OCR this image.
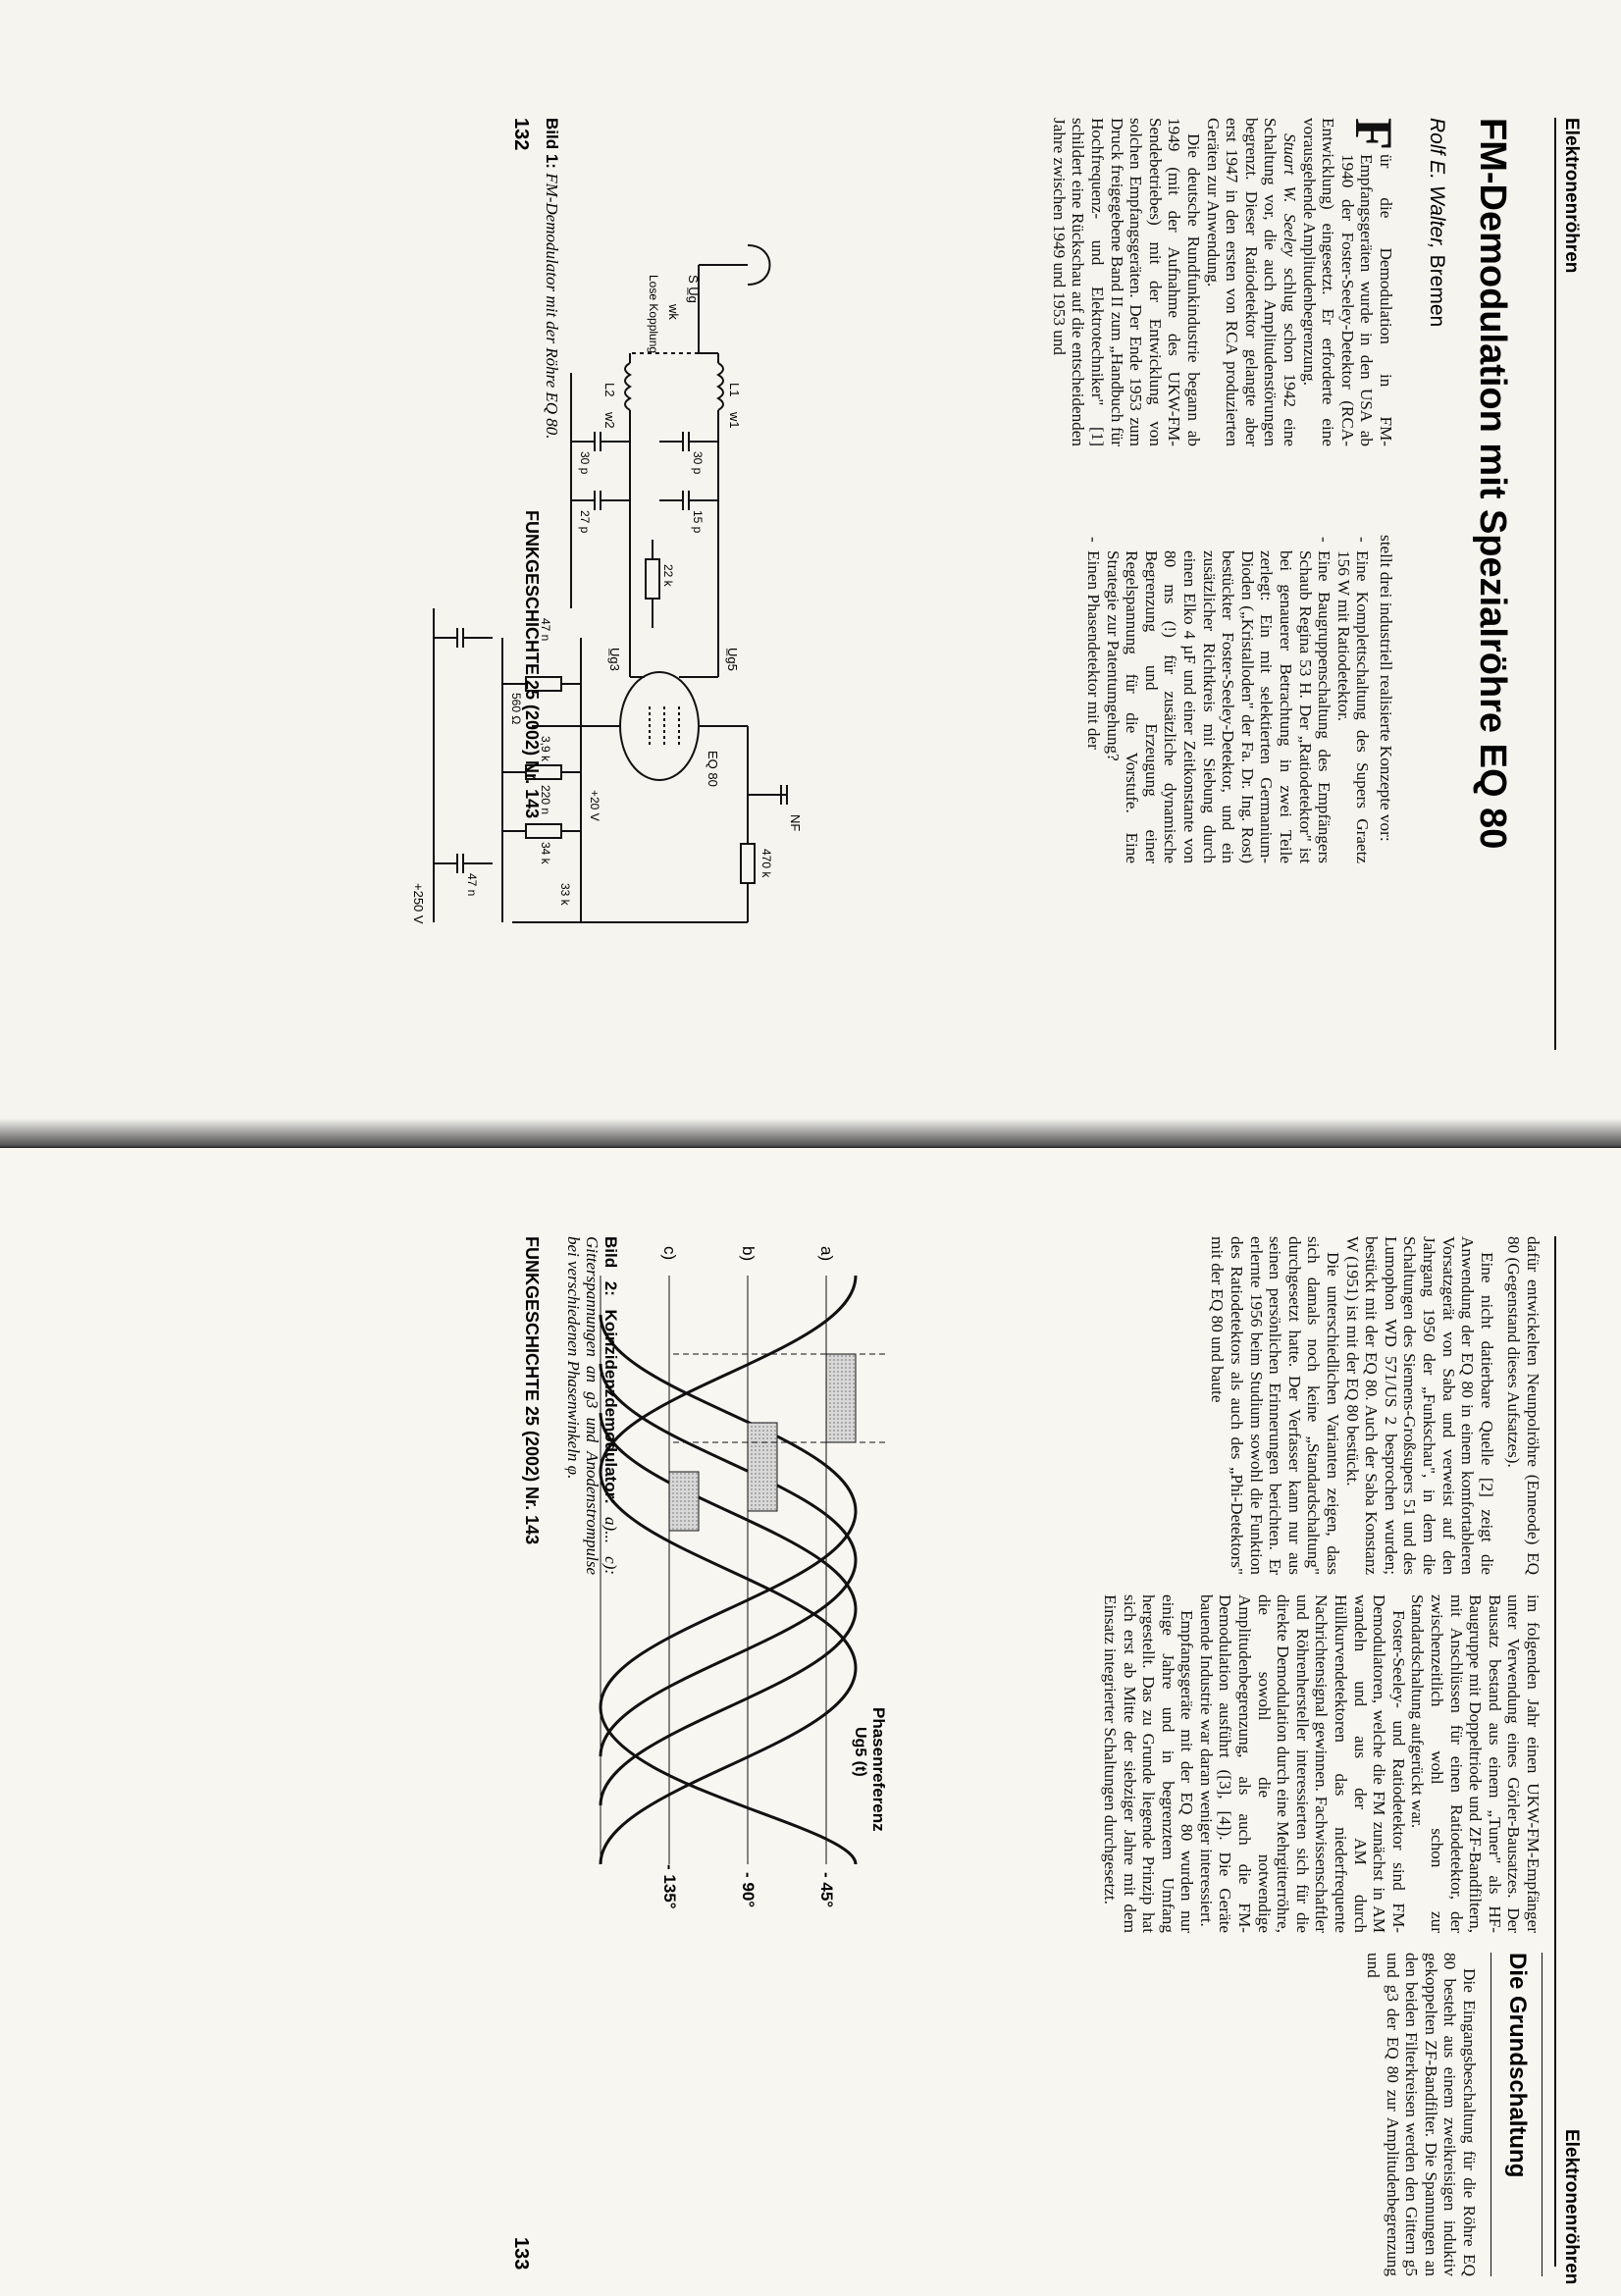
Elektronenröhren
FM-Demodulation mit Spezialröhre EQ 80
Rolf E. Walter, Bremen

F
ür die Demodulation in FM-Empfangsgeräten wurde in den USA ab 1940 der Foster-Seeley-Detektor (RCA-Entwicklung) eingesetzt. Er erforderte eine vorausgehende Amplitudenbegrenzung.

Stuart W. Seeley schlug schon 1942 eine Schaltung vor, die auch Amplitudenstörungen begrenzt. Dieser Ratiodetektor gelangte aber erst 1947 in den ersten von RCA produzierten Geräten zur Anwendung.

Die deutsche Rundfunkindustrie begann ab 1949 (mit der Aufnahme des UKW-FM-Sendebetriebes) mit der Entwicklung von solchen Empfangsgeräten. Der Ende 1953 zum Druck freigegebene Band II zum „Handbuch für Hochfrequenz- und Elektrotechniker" [1] schildert eine Rückschau auf die entscheidenden Jahre zwischen 1949 und 1953 und

stellt drei industriell realisierte Konzepte vor:

- Eine Komplettschaltung des Supers Graetz 156 W mit Ratiodetektor.
- Eine Baugruppenschaltung des Empfängers Schaub Regina 53 H. Der „Ratiodetektor" ist bei genauerer Betrachtung in zwei Teile zerlegt: Ein mit selektierten Germanium-Dioden („Kristalloden" der Fa. Dr. Ing. Rost) bestückter Foster-Seeley-Detektor, und ein zusätzlicher Richtkreis mit Siebung durch einen Elko 4 µF und einer Zeitkonstante von 80 ms (!) für zusätzliche dynamische Begrenzung und Erzeugung einer Regelspannung für die Vorstufe. Eine Strategie zur Patentumgehung?
- Einen Phasendetektor mit der
S U̲g
wk
L1
w1
L2
w2
Lose Kopplung
30 p
15 p
30 p
27 p
22 k
U̲g5
U̲g3
EQ 80
47 n
560 Ω
3,9 k
+20 V
220 n
470 k
34 k
33 k
47 n
+250 V
NF
Bild 1: FM-Demodulator mit der Röhre EQ 80.
FUNKGESCHICHTE 25 (2002) Nr. 143
132
Elektronenröhren

dafür entwickelten Neunpolröhre (Enneode) EQ 80 (Gegenstand dieses Aufsatzes).

Eine nicht datierbare Quelle [2] zeigt die Anwendung der EQ 80 in einem komfortableren Vorsatzgerät von Saba und verweist auf den Jahrgang 1950 der „Funkschau", in dem die Schaltungen des Siemens-Großsupers 51 und des Lumophon WD 571/US 2 besprochen wurden; bestückt mit der EQ 80. Auch der Saba Konstanz W (1951) ist mit der EQ 80 bestückt.

Die unterschiedlichen Varianten zeigen, dass sich damals noch keine „Standardschaltung" durchgesetzt hatte. Der Verfasser kann nur aus seinen persönlichen Erinnerungen berichten. Er erlernte 1956 beim Studium sowohl die Funktion des Ratiodetektors als auch des „Phi-Detektors" mit der EQ 80 und baute

im folgenden Jahr einen UKW-FM-Empfänger unter Verwendung eines Görler-Bausatzes. Der Bausatz bestand aus einem „Tuner" als HF-Baugruppe mit Doppeltriode und ZF-Bandfiltern, mit Anschlüssen für einen Ratiodetektor, der zwischenzeitlich wohl schon zur Standardschaltung aufgerückt war.

Foster-Seeley- und Ratiodetektor sind FM-Demodulatoren, welche die FM zunächst in AM wandeln und aus der AM durch Hüllkurvendetektoren das niederfrequente Nachrichtensignal gewinnen. Fachwissenschaftler und Röhrenhersteller interessierten sich für die direkte Demodulation durch eine Mehrgitterröhre, die sowohl die notwendige Amplitudenbegrenzung, als auch die FM-Demodulation ausführt ([3], [4]). Die Geräte bauende Industrie war daran weniger interessiert.

Empfangsgeräte mit der EQ 80 wurden nur einige Jahre und in begrenztem Umfang hergestellt. Das zu Grunde liegende Prinzip hat sich erst ab Mitte der siebziger Jahre mit dem Einsatz integrierter Schaltungen durchgesetzt.

Die Grundschaltung

Die Eingangsbeschaltung für die Röhre EQ 80 besteht aus einem zweikreisigen induktiv gekoppelten ZF-Bandfilter. Die Spannungen an den beiden Filterkreisen werden den Gittern g5 und g3 der EQ 80 zur Amplitudenbegrenzung und

Phasenreferenz
Ug5 (t)
a)
b)
c)
- 45°
- 90°
- 135°
Bild 2: Koinzidenzdemodulator: a)... c): Gitterspannungen an g3 und Anodenstrompulse bei verschiedenen Phasenwinkeln φ.
FUNKGESCHICHTE 25 (2002) Nr. 143
133
